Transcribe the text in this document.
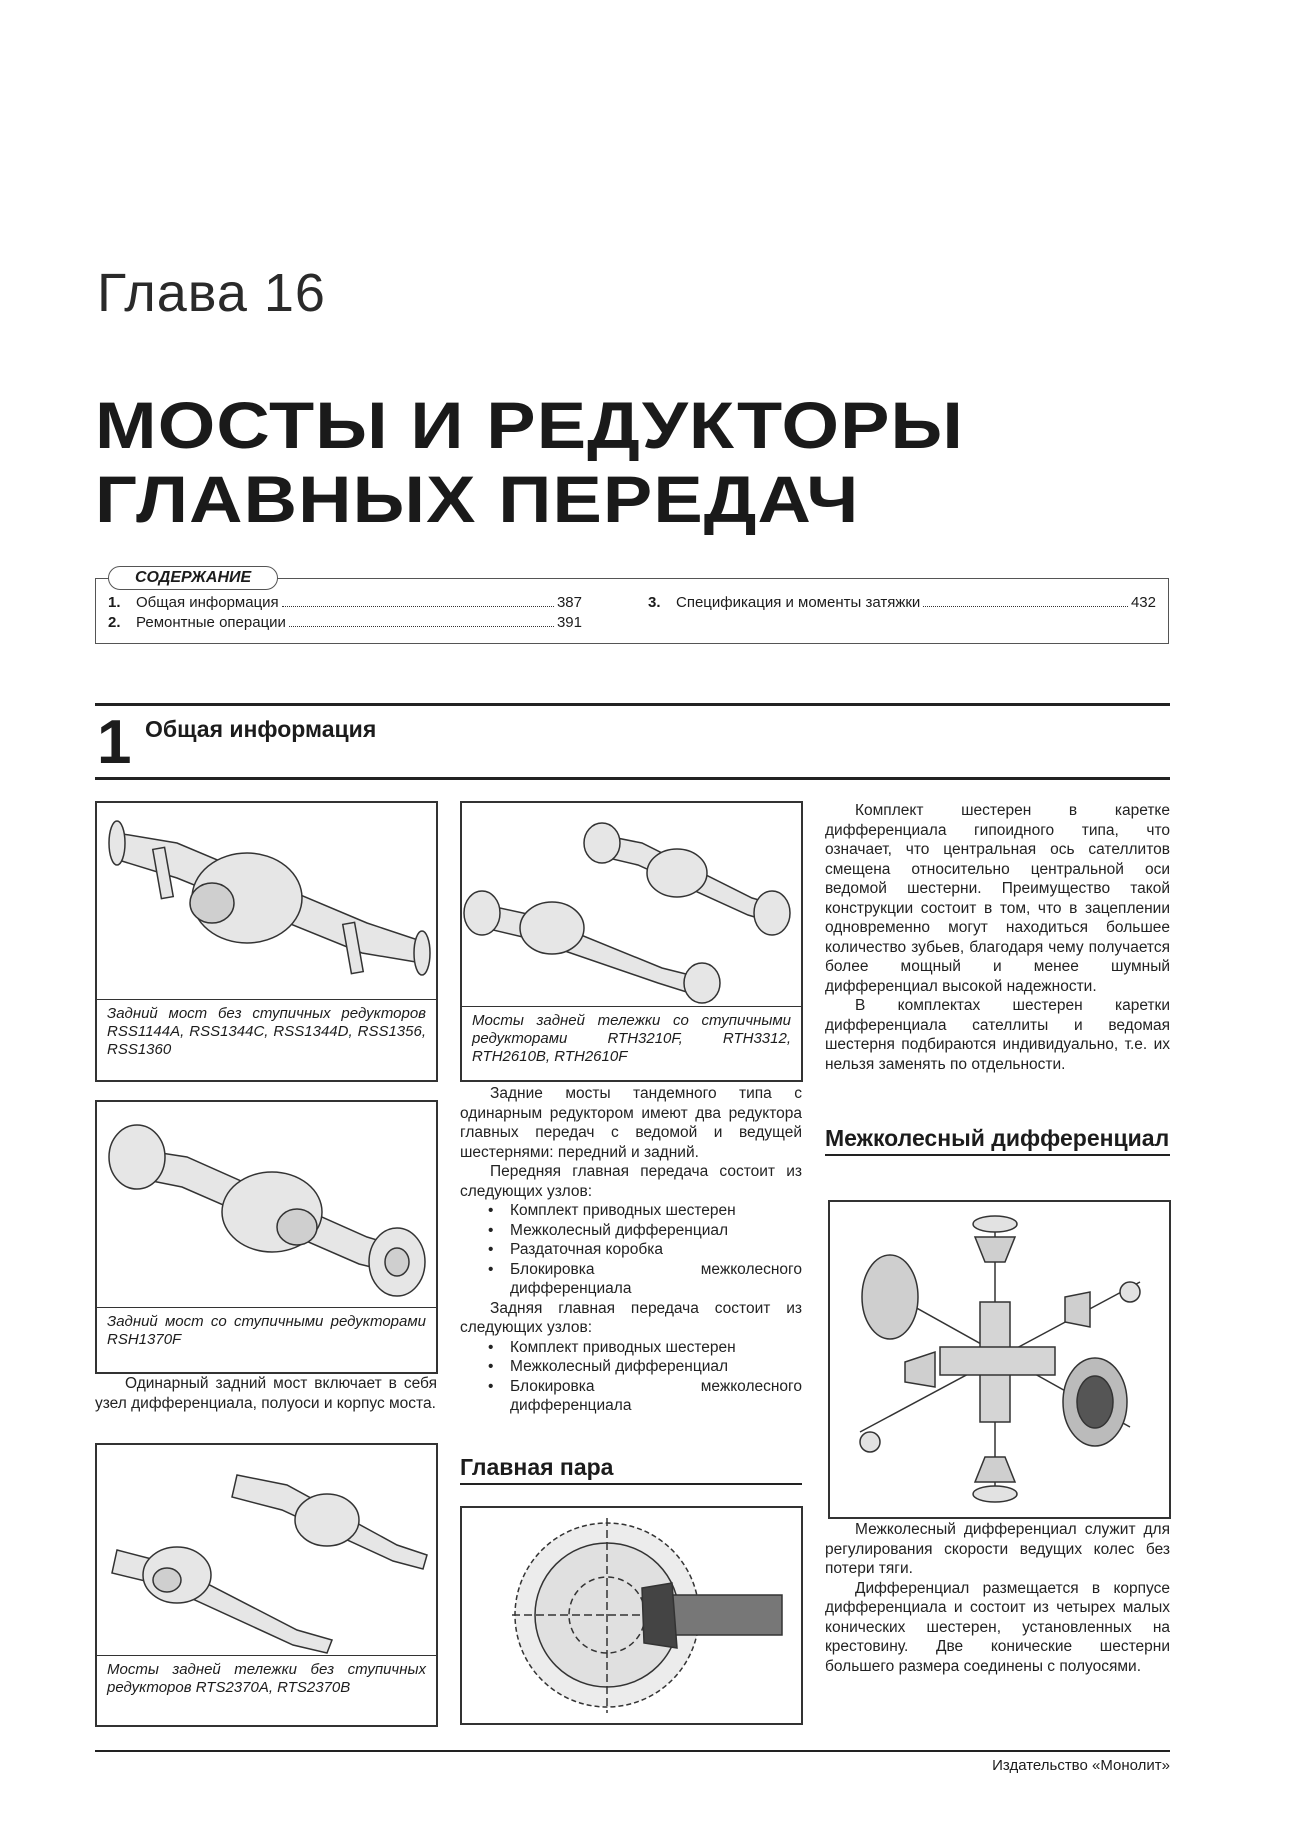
Глава 16
МОСТЫ И РЕДУКТОРЫ
ГЛАВНЫХ ПЕРЕДАЧ
СОДЕРЖАНИЕ
1.	Общая информация	387
2.	Ремонтные операции	391
3.	Спецификация и моменты затяжки	432
1 Общая информация
Задний мост без ступичных редукторов RSS1144A, RSS1344C, RSS1344D, RSS1356, RSS1360
Задний мост со ступичными редукторами RSH1370F

Одинарный задний мост включает в себя узел дифференциала, полуоси и корпус моста.

Мосты задней тележки без ступичных редукторов RTS2370A, RTS2370B
Мосты задней тележки со ступичными редукторами RTH3210F, RTH3312, RTH2610B, RTH2610F

Задние мосты тандемного типа с одинарным редуктором имеют два редуктора главных передач с ведомой и ведущей шестернями: передний и задний.

Передняя главная передача состоит из следующих узлов:

• Комплект приводных шестерен
• Межколесный дифференциал
• Раздаточная коробка
• Блокировка межколесного дифференциала

Задняя главная передача состоит из следующих узлов:

• Комплект приводных шестерен
• Межколесный дифференциал
• Блокировка межколесного дифференциала
Главная пара

Комплект шестерен в каретке дифференциала гипоидного типа, что означает, что центральная ось сателлитов смещена относительно центральной оси ведомой шестерни. Преимущество такой конструкции состоит в том, что в зацеплении одновременно могут находиться большее количество зубьев, благодаря чему получается более мощный и менее шумный дифференциал высокой надежности.

В комплектах шестерен каретки дифференциала сателлиты и ведомая шестерня подбираются индивидуально, т.е. их нельзя заменять по отдельности.

Межколесный дифференциал

Межколесный дифференциал служит для регулирования скорости ведущих колес без потери тяги.

Дифференциал размещается в корпусе дифференциала и состоит из четырех малых конических шестерен, установленных на крестовину. Две конические шестерни большего размера соединены с полуосями.

Издательство «Монолит»
